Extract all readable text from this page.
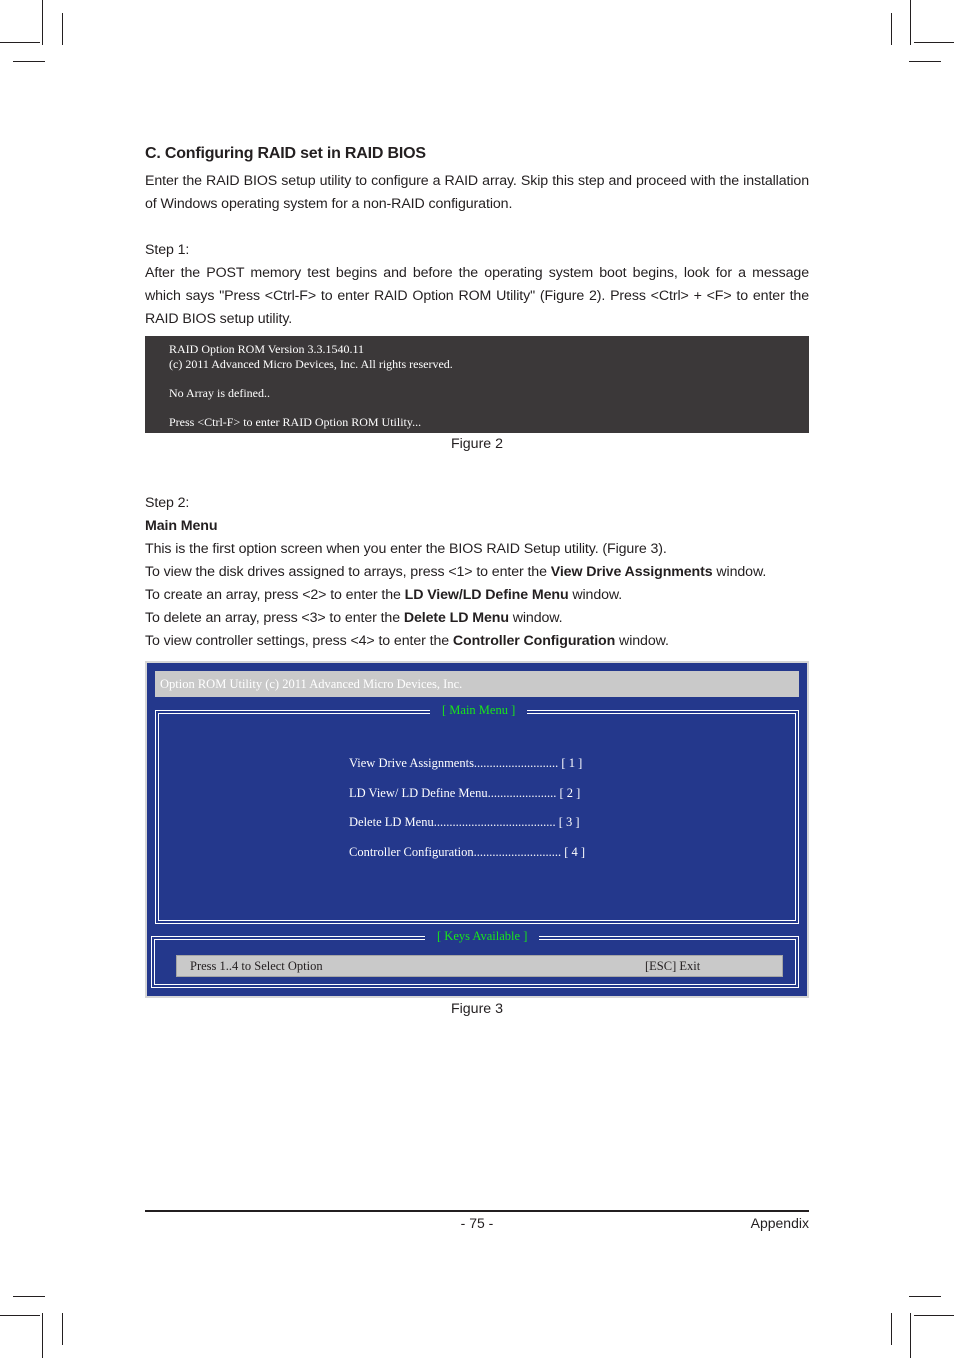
C. Configuring RAID set in RAID BIOS

Enter the RAID BIOS setup utility to configure a RAID array. Skip this step and proceed with the installation of Windows operating system for a non-RAID configuration.

Step 1:

After the POST memory test begins and before the operating system boot begins, look for a message which says "Press <Ctrl-F> to enter RAID Option ROM Utility" (Figure 2). Press <Ctrl> + <F> to enter the RAID BIOS setup utility.

RAID Option ROM Version 3.3.1540.11
(c) 2011 Advanced Micro Devices, Inc. All rights reserved.
No Array is defined..
Press <Ctrl-F> to enter RAID Option ROM Utility...
Figure 2

Step 2:

Main Menu

This is the first option screen when you enter the BIOS RAID Setup utility. (Figure 3).

To view the disk drives assigned to arrays, press <1> to enter the View Drive Assignments window.

To create an array, press <2> to enter the LD View/LD Define Menu window.

To delete an array, press <3> to enter the Delete LD Menu window.

To view controller settings, press <4> to enter the Controller Configuration window.

Option ROM Utility (c) 2011 Advanced Micro Devices, Inc.
[ Main Menu ]
View Drive Assignments........................... [ 1 ]
LD View/ LD Define Menu...................... [ 2 ]
Delete LD Menu....................................... [ 3 ]
Controller Configuration............................ [ 4 ]
[ Keys Available ]
Press 1..4 to Select Option	[ESC] Exit
Figure 3
- 75 -	Appendix
